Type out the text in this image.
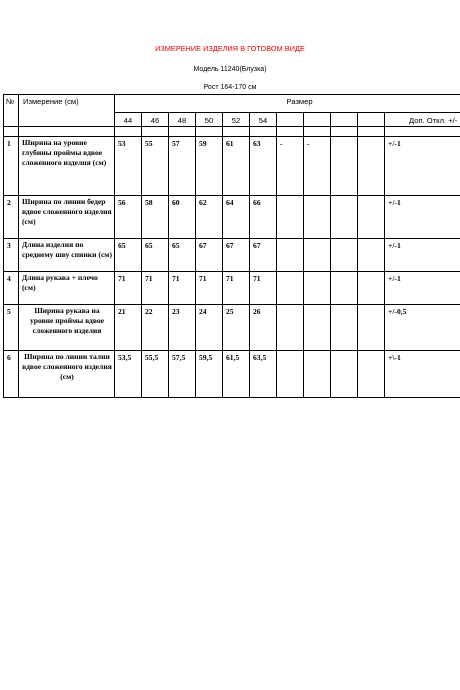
ИЗМЕРЕНИЕ ИЗДЕЛИЯ В ГОТОВОМ ВИДЕ
Модель 11240(Блузка)
Рост 164-170 см
№	Измерение (см)	Размер										
		44	46	48	50	52	54					Доп. Откл. +/-

1	Ширина на уровне глубины проймы вдвое сложенного изделия (см)	53	55	57	59	61	63	-	-			+/-1
2	Ширина по линии бедер вдвое сложенного изделия (см)	56	58	60	62	64	66					+/-1
3	Длина изделия по среднему шву спинки (см)	65	65	65	67	67	67					+/-1
4	Длина рукава + плечо (см)	71	71	71	71	71	71					+/-1
5	Ширина рукава на уровне проймы вдвое сложенного изделия	21	22	23	24	25	26					+/-0,5
6	Ширина по линии талии вдвое сложенного изделия (см)	53,5	55,5	57,5	59,5	61,5	63,5					+\-1
